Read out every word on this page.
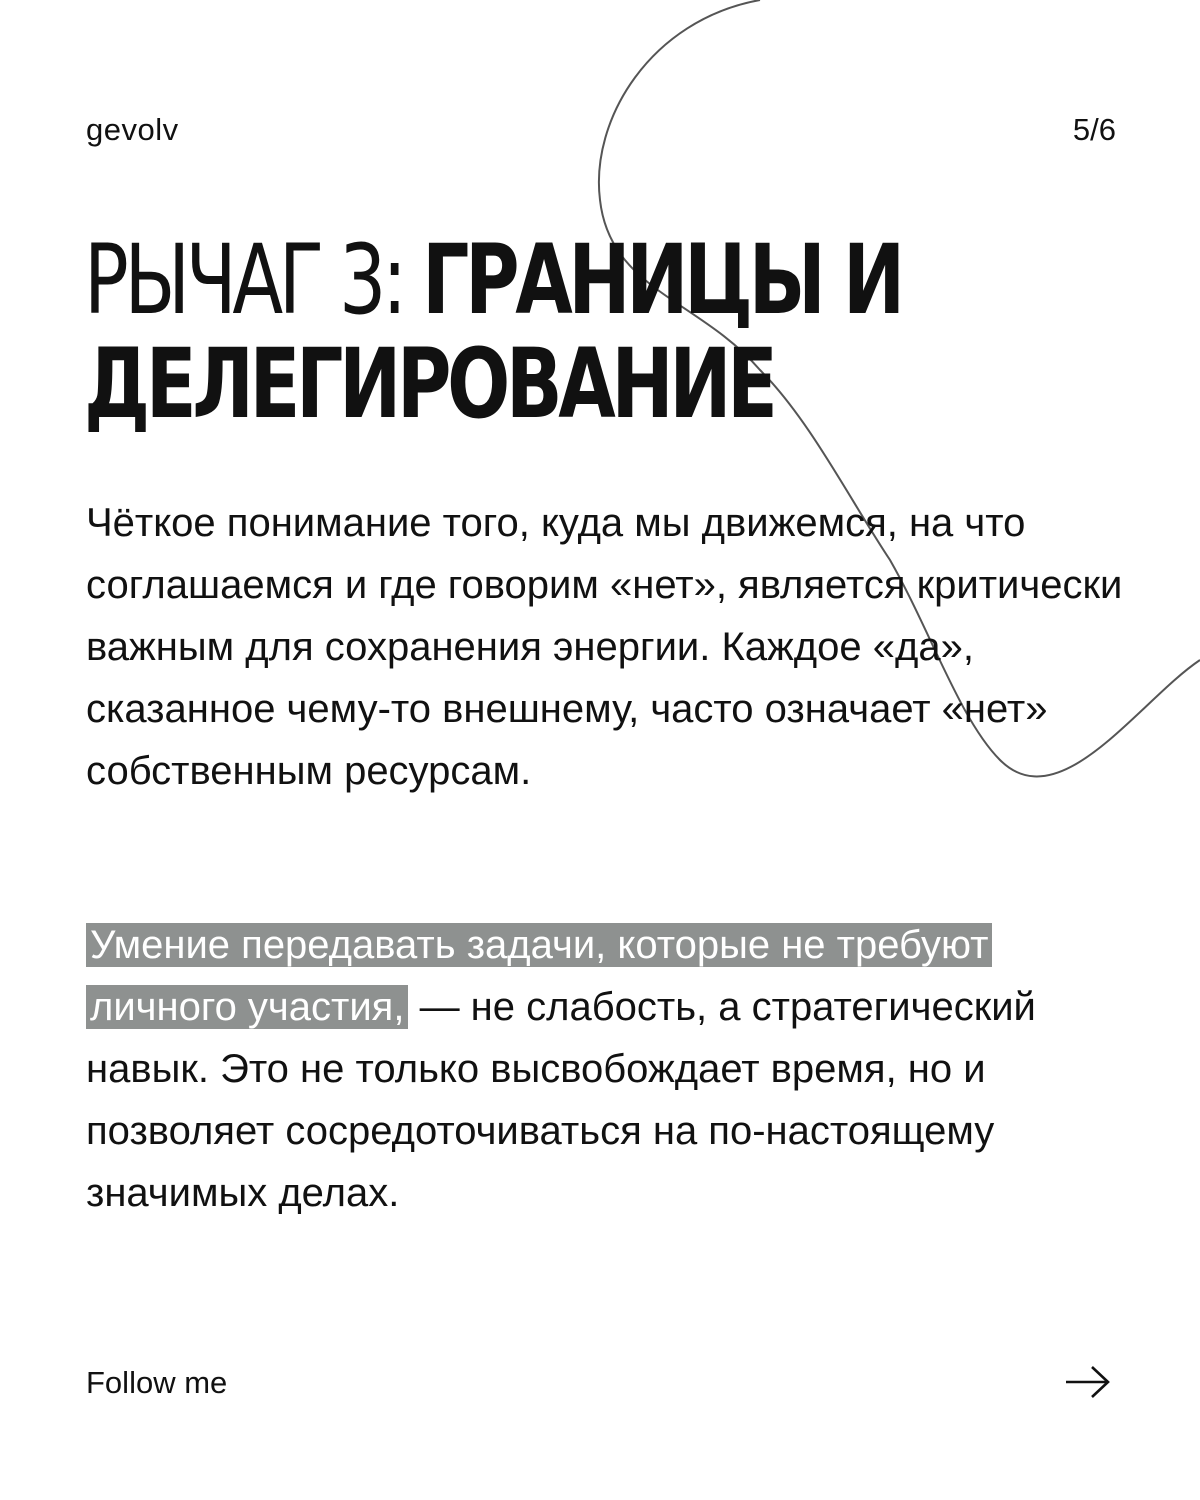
gevolv	5/6
РЫЧАГ 3: ГРАНИЦЫ И
ДЕЛЕГИРОВАНИЕ

Чёткое понимание того, куда мы движемся, на что соглашаемся и где говорим «нет», является критически важным для сохранения энергии. Каждое «да», сказанное чему-то внешнему, часто означает «нет» собственным ресурсам.

Умение передавать задачи, которые не требуют личного участия, — не слабость, а стратегический навык. Это не только высвобождает время, но и позволяет сосредоточиваться на по-настоящему значимых делах.

Follow me
